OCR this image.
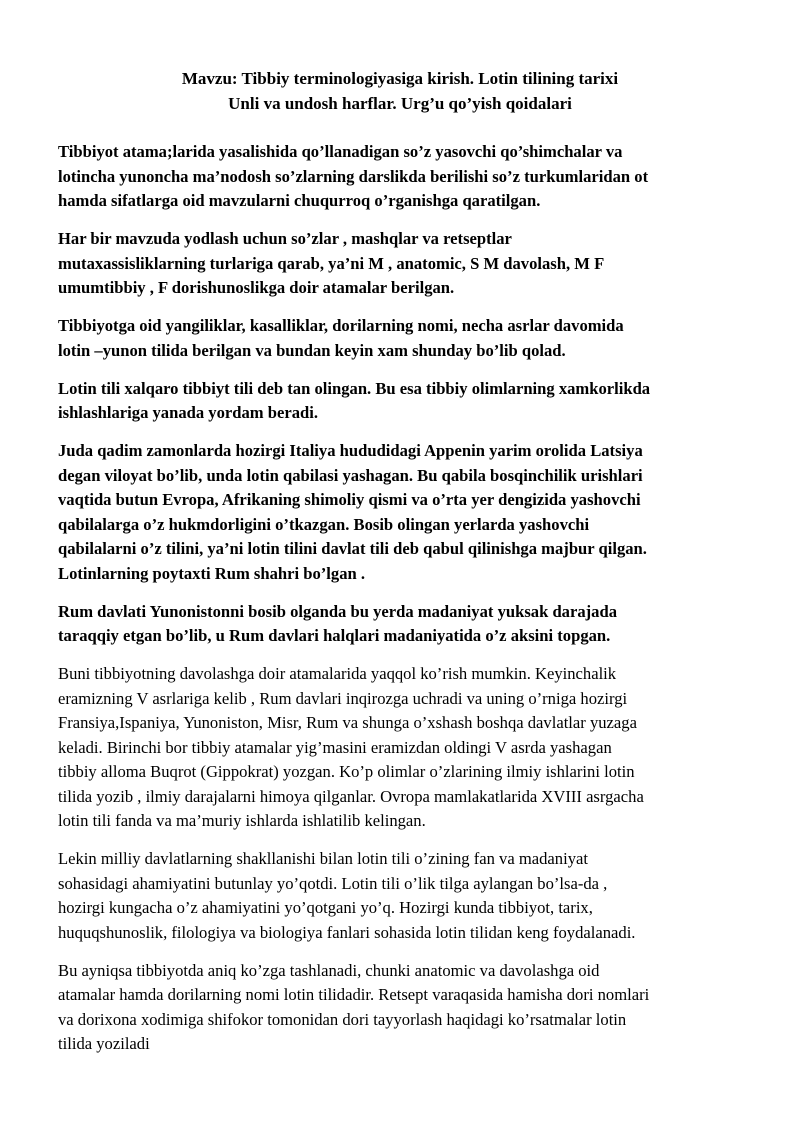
Mavzu: Tibbiy terminologiyasiga kirish. Lotin tilining tarixi
Unli va undosh harflar. Urg’u qo’yish qoidalari

Tibbiyot atama;larida yasalishida qo’llanadigan so’z yasovchi qo’shimchalar va
lotincha yunoncha ma’nodosh so’zlarning darslikda berilishi so’z turkumlaridan ot
hamda sifatlarga oid mavzularni chuqurroq o’rganishga qaratilgan.

Har bir mavzuda yodlash uchun so’zlar , mashqlar va retseptlar
mutaxassisliklarning turlariga qarab, ya’ni M , anatomic, S M davolash, M F
umumtibbiy , F dorishunoslikga doir atamalar berilgan.

Tibbiyotga oid yangiliklar, kasalliklar, dorilarning nomi, necha asrlar davomida
lotin –yunon tilida berilgan va bundan keyin xam shunday bo’lib qolad.

Lotin tili xalqaro tibbiyt tili deb tan olingan. Bu esa tibbiy olimlarning xamkorlikda
ishlashlariga yanada yordam beradi.

Juda qadim zamonlarda hozirgi Italiya hududidagi Appenin yarim orolida Latsiya
degan viloyat bo’lib, unda lotin qabilasi yashagan. Bu qabila bosqinchilik urishlari
vaqtida butun Evropa, Afrikaning shimoliy qismi va o’rta yer dengizida yashovchi
qabilalarga o’z hukmdorligini o’tkazgan. Bosib olingan yerlarda yashovchi
qabilalarni o’z tilini, ya’ni lotin tilini davlat tili deb qabul qilinishga majbur qilgan.
Lotinlarning poytaxti Rum shahri bo’lgan .

Rum davlati Yunonistonni bosib olganda bu yerda madaniyat yuksak darajada
taraqqiy etgan bo’lib, u Rum davlari halqlari madaniyatida o’z aksini topgan.

Buni tibbiyotning davolashga doir atamalarida yaqqol ko’rish mumkin. Keyinchalik
eramizning V asrlariga kelib , Rum davlari inqirozga uchradi va uning o’rniga hozirgi
Fransiya,Ispaniya, Yunoniston, Misr, Rum va shunga o’xshash boshqa davlatlar yuzaga
keladi. Birinchi bor tibbiy atamalar yig’masini eramizdan oldingi V asrda yashagan
tibbiy alloma Buqrot (Gippokrat) yozgan. Ko’p olimlar o’zlarining ilmiy ishlarini lotin
tilida yozib , ilmiy darajalarni himoya qilganlar. Ovropa mamlakatlarida XVIII asrgacha
lotin tili fanda va ma’muriy ishlarda ishlatilib kelingan.

Lekin milliy davlatlarning shakllanishi bilan lotin tili o’zining fan va madaniyat
sohasidagi ahamiyatini butunlay yo’qotdi. Lotin tili o’lik tilga aylangan bo’lsa-da ,
hozirgi kungacha o’z ahamiyatini yo’qotgani yo’q. Hozirgi kunda tibbiyot, tarix,
huquqshunoslik, filologiya va biologiya fanlari sohasida lotin tilidan keng foydalanadi.

Bu ayniqsa tibbiyotda aniq ko’zga tashlanadi, chunki anatomic va davolashga oid
atamalar hamda dorilarning nomi lotin tilidadir. Retsept varaqasida hamisha dori nomlari
va dorixona xodimiga shifokor tomonidan dori tayyorlash haqidagi ko’rsatmalar lotin
tilida yoziladi
